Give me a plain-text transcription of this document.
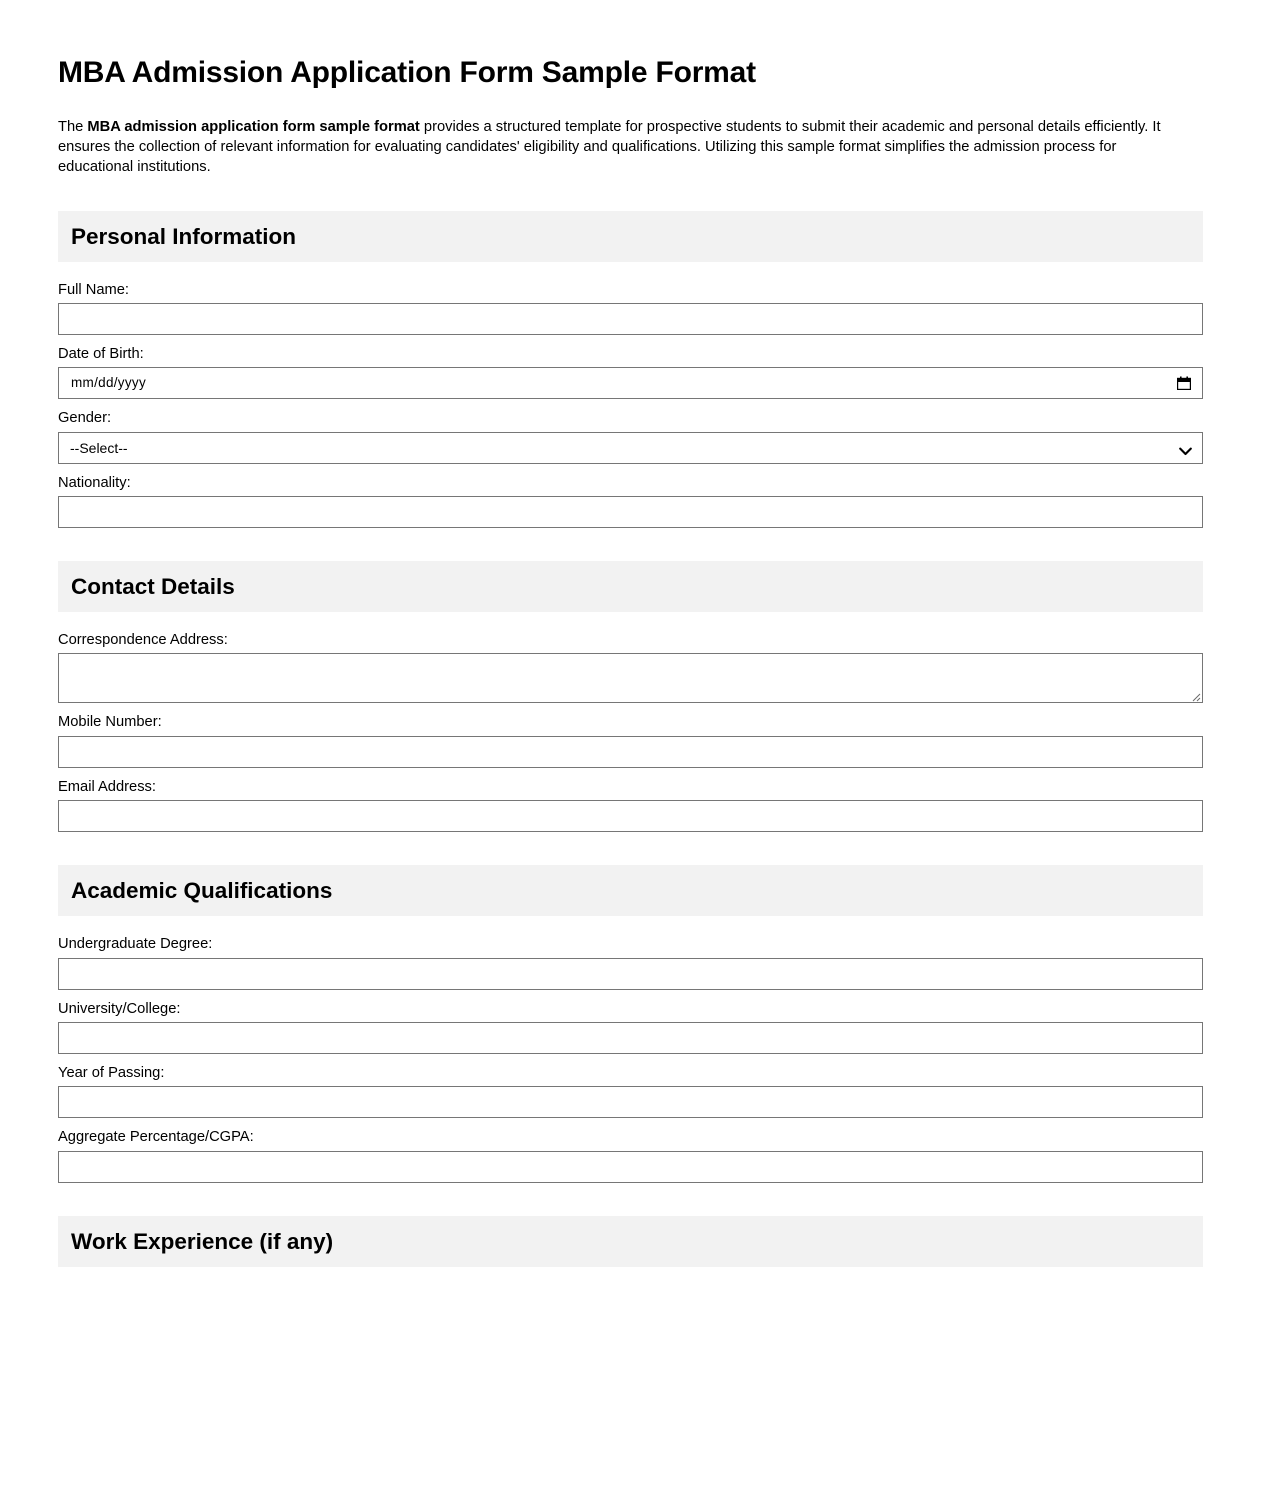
MBA Admission Application Form Sample Format

The MBA admission application form sample format provides a structured template for prospective students to submit their academic and personal details efficiently. It ensures the collection of relevant information for evaluating candidates' eligibility and qualifications. Utilizing this sample format simplifies the admission process for educational institutions.

Personal Information
Full Name:
Date of Birth:
mm/dd/yyyy
Gender:
--Select--
Nationality:
Contact Details
Correspondence Address:
Mobile Number:
Email Address:
Academic Qualifications
Undergraduate Degree:
University/College:
Year of Passing:
Aggregate Percentage/CGPA:
Work Experience (if any)
